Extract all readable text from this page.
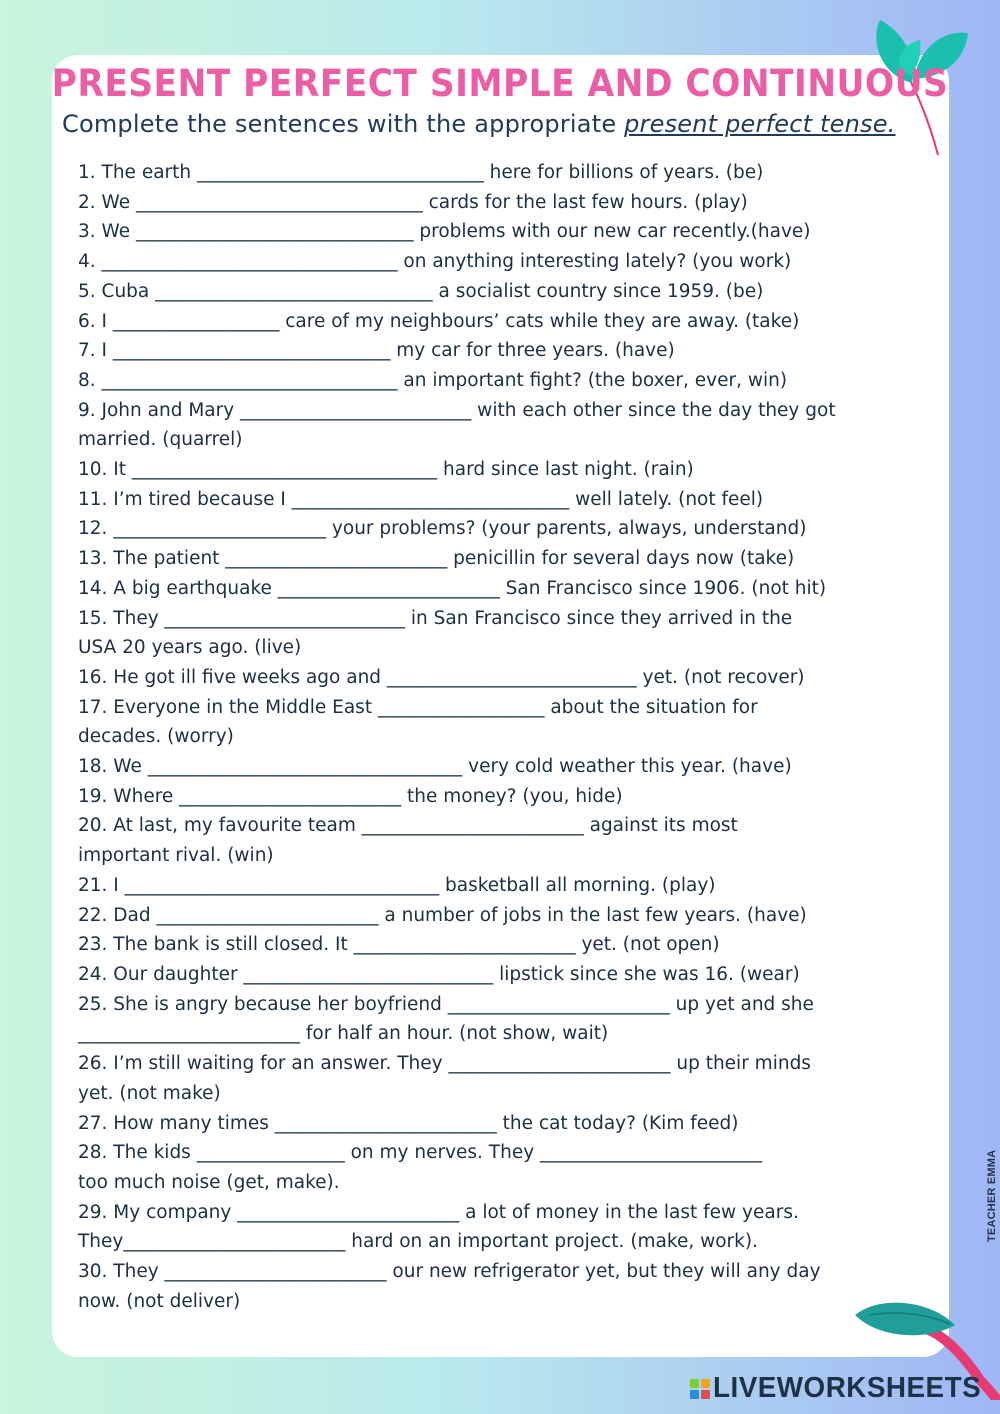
PRESENT PERFECT SIMPLE AND CONTINUOUS
Complete the sentences with the appropriate present perfect tense.
1. The earth _______________________________ here for billions of years. (be)
2. We _______________________________ cards for the last few hours. (play)
3. We ______________________________ problems with our new car recently.(have)
4. ________________________________ on anything interesting lately? (you work)
5. Cuba ______________________________ a socialist country since 1959. (be)
6. I __________________ care of my neighbours’ cats while they are away. (take)
7. I ______________________________ my car for three years. (have)
8. ________________________________ an important fight? (the boxer, ever, win)
9. John and Mary _________________________ with each other since the day they got
married. (quarrel)
10. It _________________________________ hard since last night. (rain)
11. I’m tired because I ______________________________ well lately. (not feel)
12. _______________________ your problems? (your parents, always, understand)
13. The patient ________________________ penicillin for several days now (take)
14. A big earthquake ________________________ San Francisco since 1906. (not hit)
15. They __________________________ in San Francisco since they arrived in the
USA 20 years ago. (live)
16. He got ill five weeks ago and ___________________________ yet. (not recover)
17. Everyone in the Middle East __________________ about the situation for
decades. (worry)
18. We __________________________________ very cold weather this year. (have)
19. Where ________________________ the money? (you, hide)
20. At last, my favourite team ________________________ against its most
important rival. (win)
21. I __________________________________ basketball all morning. (play)
22. Dad ________________________ a number of jobs in the last few years. (have)
23. The bank is still closed. It ________________________ yet. (not open)
24. Our daughter ___________________________ lipstick since she was 16. (wear)
25. She is angry because her boyfriend ________________________ up yet and she
________________________ for half an hour. (not show, wait)
26. I’m still waiting for an answer. They ________________________ up their minds
yet. (not make)
27. How many times ________________________ the cat today? (Kim feed)
28. The kids ________________ on my nerves. They ________________________
too much noise (get, make).
29. My company ________________________ a lot of money in the last few years.
They________________________ hard on an important project. (make, work).
30. They ________________________ our new refrigerator yet, but they will any day
now. (not deliver)
TEACHER EMMA
LIVEWORKSHEETS
